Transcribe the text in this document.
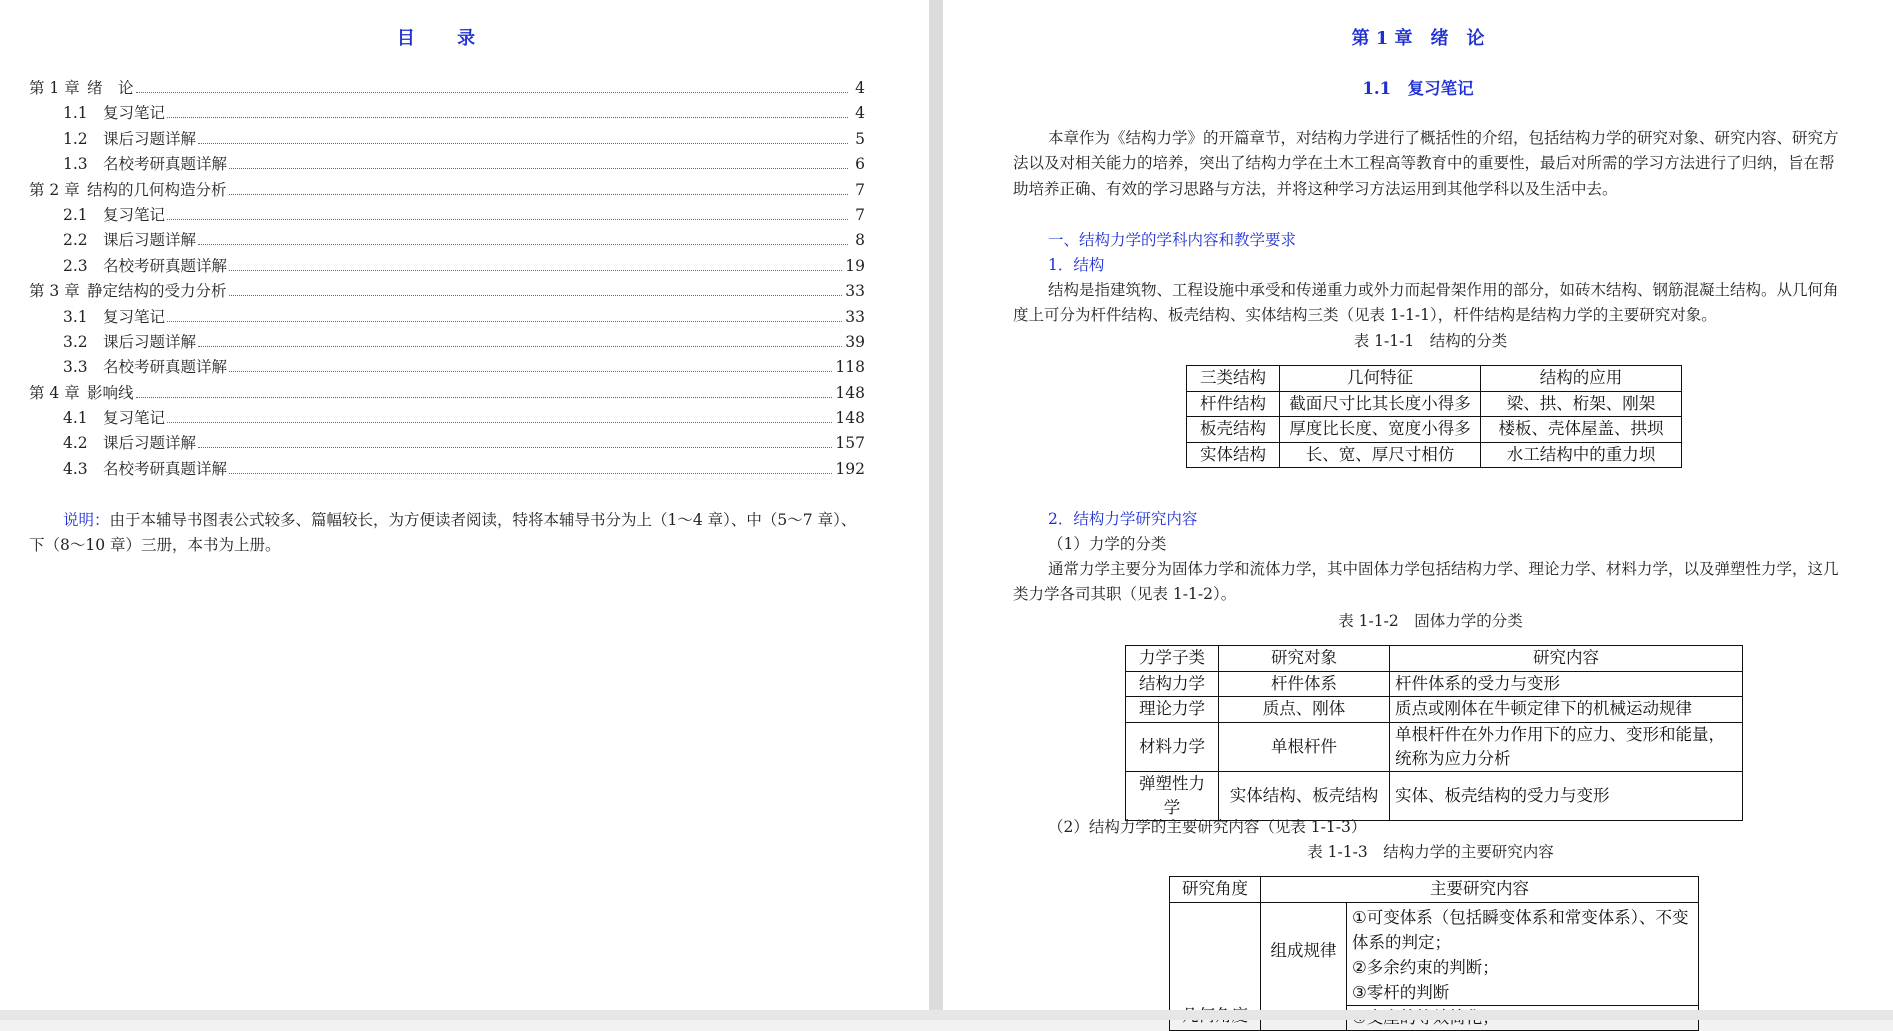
目 录
第 1 章 绪　论	4
1.1 复习笔记	4
1.2 课后习题详解	5
1.3 名校考研真题详解	6
第 2 章 结构的几何构造分析	7
2.1 复习笔记	7
2.2 课后习题详解	8
2.3 名校考研真题详解	19
第 3 章 静定结构的受力分析	33
3.1 复习笔记	33
3.2 课后习题详解	39
3.3 名校考研真题详解	118
第 4 章 影响线	148
4.1 复习笔记	148
4.2 课后习题详解	157
4.3 名校考研真题详解	192
说明：由于本辅导书图表公式较多、篇幅较长，为方便读者阅读，特将本辅导书分为上（1～4 章）、中（5～7 章）、下（8～10 章）三册，本书为上册。
第 1 章　绪　论
1.1　复习笔记

本章作为《结构力学》的开篇章节，对结构力学进行了概括性的介绍，包括结构力学的研究对象、研究内容、研究方法以及对相关能力的培养，突出了结构力学在土木工程高等教育中的重要性，最后对所需的学习方法进行了归纳，旨在帮助培养正确、有效的学习思路与方法，并将这种学习方法运用到其他学科以及生活中去。

一、结构力学的学科内容和教学要求
1．结构

结构是指建筑物、工程设施中承受和传递重力或外力而起骨架作用的部分，如砖木结构、钢筋混凝土结构。从几何角度上可分为杆件结构、板壳结构、实体结构三类（见表 1-1-1），杆件结构是结构力学的主要研究对象。

表 1-1-1　结构的分类
三类结构	几何特征	结构的应用
杆件结构	截面尺寸比其长度小得多	梁、拱、桁架、刚架
板壳结构	厚度比长度、宽度小得多	楼板、壳体屋盖、拱坝
实体结构	长、宽、厚尺寸相仿	水工结构中的重力坝
2．结构力学研究内容
（1）力学的分类

通常力学主要分为固体力学和流体力学，其中固体力学包括结构力学、理论力学、材料力学，以及弹塑性力学，这几类力学各司其职（见表 1-1-2）。

表 1-1-2　固体力学的分类
力学子类	研究对象	研究内容
结构力学	杆件体系	杆件体系的受力与变形
理论力学	质点、刚体	质点或刚体在牛顿定律下的机械运动规律
材料力学	单根杆件	单根杆件在外力作用下的应力、变形和能量，统称为应力分析
弹塑性力学	实体结构、板壳结构	实体、板壳结构的受力与变形
（2）结构力学的主要研究内容（见表 1-1-3）
表 1-1-3　结构力学的主要研究内容
研究角度	主要研究内容	
	组成规律	①可变体系（包括瞬变体系和常变体系）、不变体系的判定；
②多余约束的判断；
③零杆的判断
